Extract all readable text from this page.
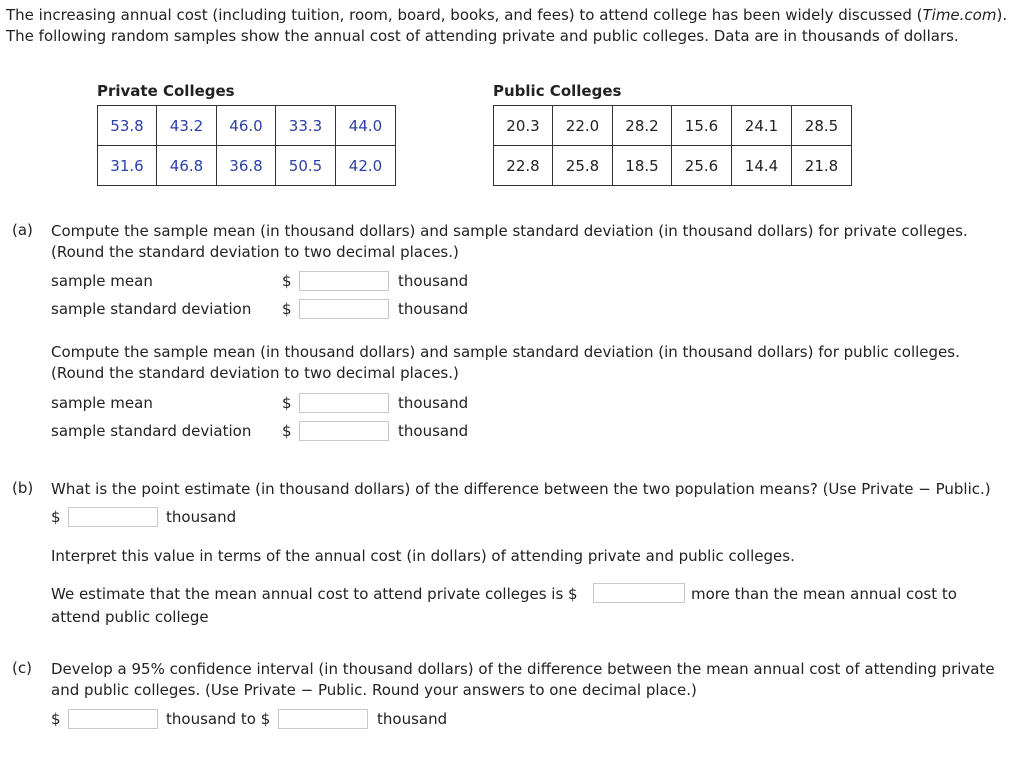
The increasing annual cost (including tuition, room, board, books, and fees) to attend college has been widely discussed (Time.com). The following random samples show the annual cost of attending private and public colleges. Data are in thousands of dollars.
Private Colleges
53.8	43.2	46.0	33.3	44.0
31.6	46.8	36.8	50.5	42.0
Public Colleges
20.3	22.0	28.2	15.6	24.1	28.5
22.8	25.8	18.5	25.6	14.4	21.8
(a) Compute the sample mean (in thousand dollars) and sample standard deviation (in thousand dollars) for private colleges.
(Round the standard deviation to two decimal places.)
sample mean	$	thousand
sample standard deviation $	thousand
Compute the sample mean (in thousand dollars) and sample standard deviation (in thousand dollars) for public colleges.
(Round the standard deviation to two decimal places.)
sample mean	$	thousand
sample standard deviation $	thousand
(b) What is the point estimate (in thousand dollars) of the difference between the two population means? (Use Private − Public.)
$	thousand
Interpret this value in terms of the annual cost (in dollars) of attending private and public colleges.
We estimate that the mean annual cost to attend private colleges is $	more than the mean annual cost to
attend public college
(c) Develop a 95% confidence interval (in thousand dollars) of the difference between the mean annual cost of attending private
and public colleges. (Use Private − Public. Round your answers to one decimal place.)
$	thousand to $	thousand
